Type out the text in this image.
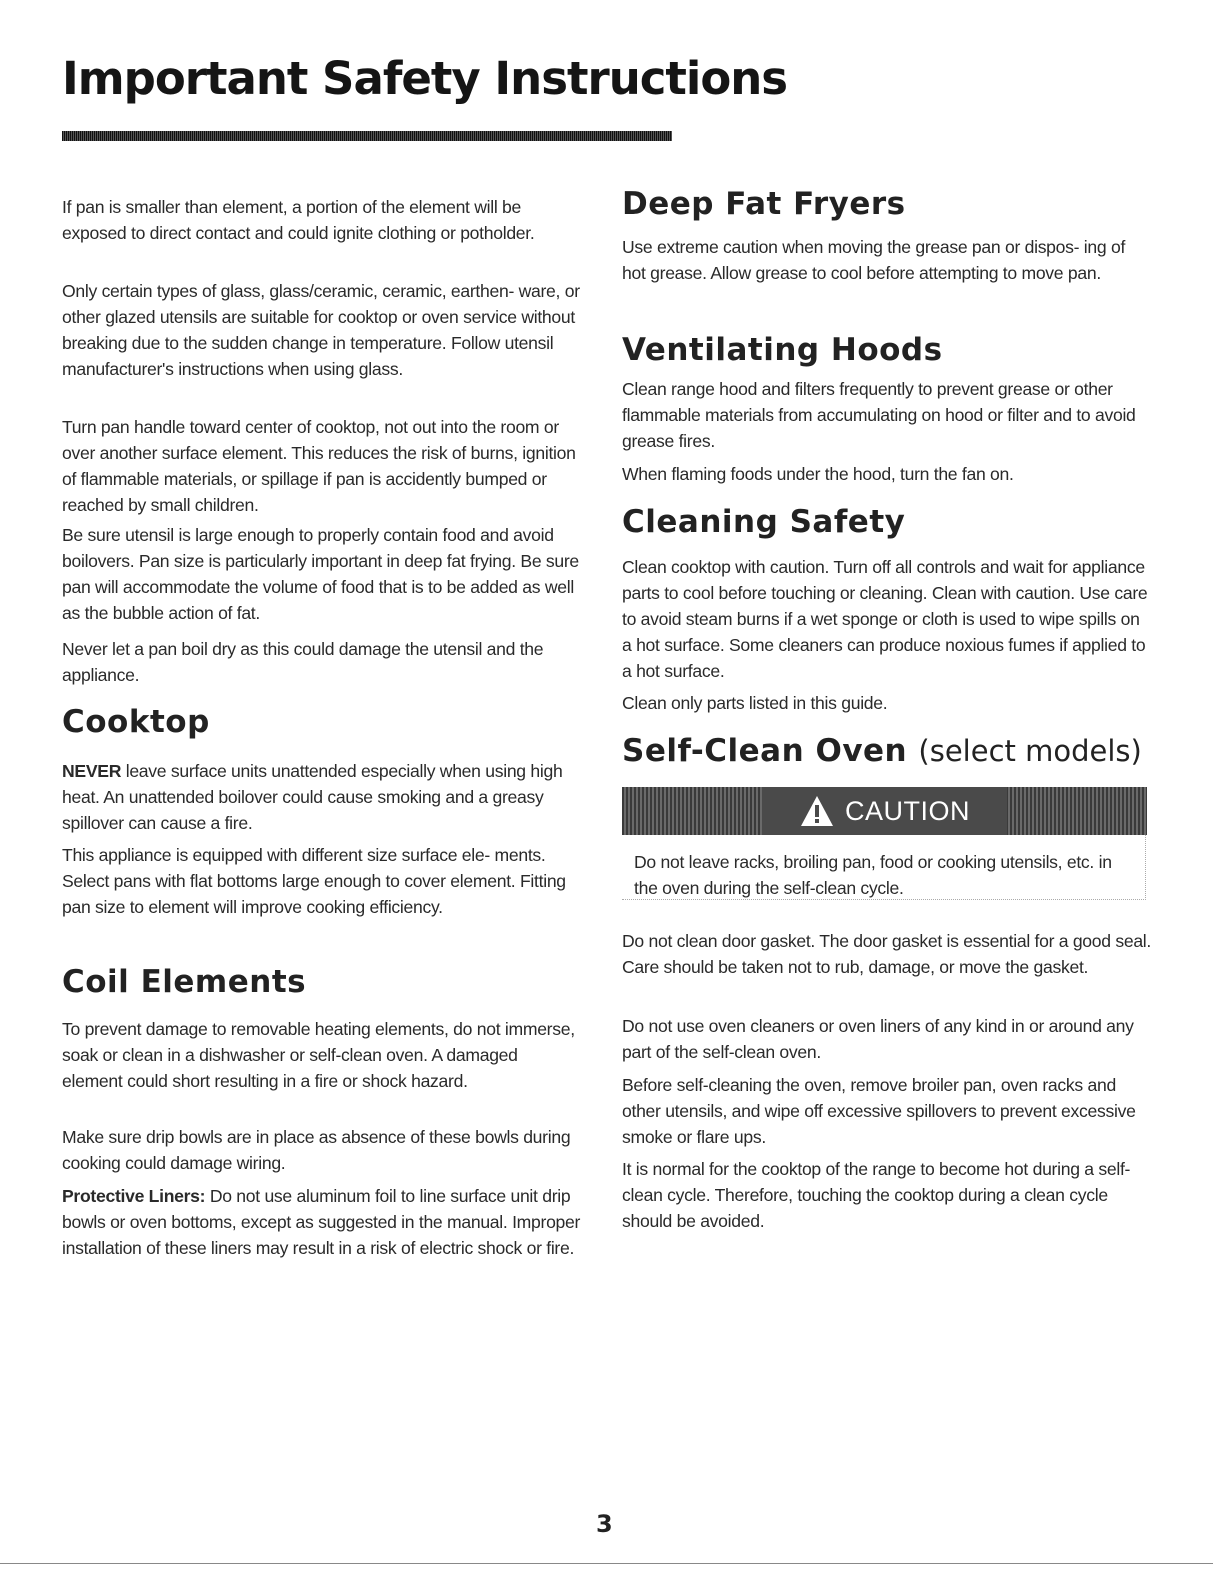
Important Safety Instructions

If pan is smaller than element, a portion of the element will be exposed to direct contact and could ignite clothing or potholder.

Only certain types of glass, glass/ceramic, ceramic, earthen- ware, or other glazed utensils are suitable for cooktop or oven service without breaking due to the sudden change in temperature. Follow utensil manufacturer's instructions when using glass.

Turn pan handle toward center of cooktop, not out into the room or over another surface element. This reduces the risk of burns, ignition of flammable materials, or spillage if pan is accidently bumped or reached by small children.

Be sure utensil is large enough to properly contain food and avoid boilovers. Pan size is particularly important in deep fat frying. Be sure pan will accommodate the volume of food that is to be added as well as the bubble action of fat.

Never let a pan boil dry as this could damage the utensil and the appliance.

Cooktop

NEVER leave surface units unattended especially when using high heat. An unattended boilover could cause smoking and a greasy spillover can cause a fire.

This appliance is equipped with different size surface ele- ments. Select pans with flat bottoms large enough to cover element. Fitting pan size to element will improve cooking efficiency.

Coil Elements

To prevent damage to removable heating elements, do not immerse, soak or clean in a dishwasher or self-clean oven. A damaged element could short resulting in a fire or shock hazard.

Make sure drip bowls are in place as absence of these bowls during cooking could damage wiring.

Protective Liners: Do not use aluminum foil to line surface unit drip bowls or oven bottoms, except as suggested in the manual. Improper installation of these liners may result in a risk of electric shock or fire.

Deep Fat Fryers

Use extreme caution when moving the grease pan or dispos- ing of hot grease. Allow grease to cool before attempting to move pan.

Ventilating Hoods

Clean range hood and filters frequently to prevent grease or other flammable materials from accumulating on hood or filter and to avoid grease fires.

When flaming foods under the hood, turn the fan on.

Cleaning Safety

Clean cooktop with caution. Turn off all controls and wait for appliance parts to cool before touching or cleaning. Clean with caution. Use care to avoid steam burns if a wet sponge or cloth is used to wipe spills on a hot surface. Some cleaners can produce noxious fumes if applied to a hot surface.

Clean only parts listed in this guide.

Self-Clean Oven (select models)
CAUTION

Do not leave racks, broiling pan, food or cooking utensils, etc. in the oven during the self-clean cycle.

Do not clean door gasket. The door gasket is essential for a good seal. Care should be taken not to rub, damage, or move the gasket.

Do not use oven cleaners or oven liners of any kind in or around any part of the self-clean oven.

Before self-cleaning the oven, remove broiler pan, oven racks and other utensils, and wipe off excessive spillovers to prevent excessive smoke or flare ups.

It is normal for the cooktop of the range to become hot during a self-clean cycle. Therefore, touching the cooktop during a clean cycle should be avoided.

3
